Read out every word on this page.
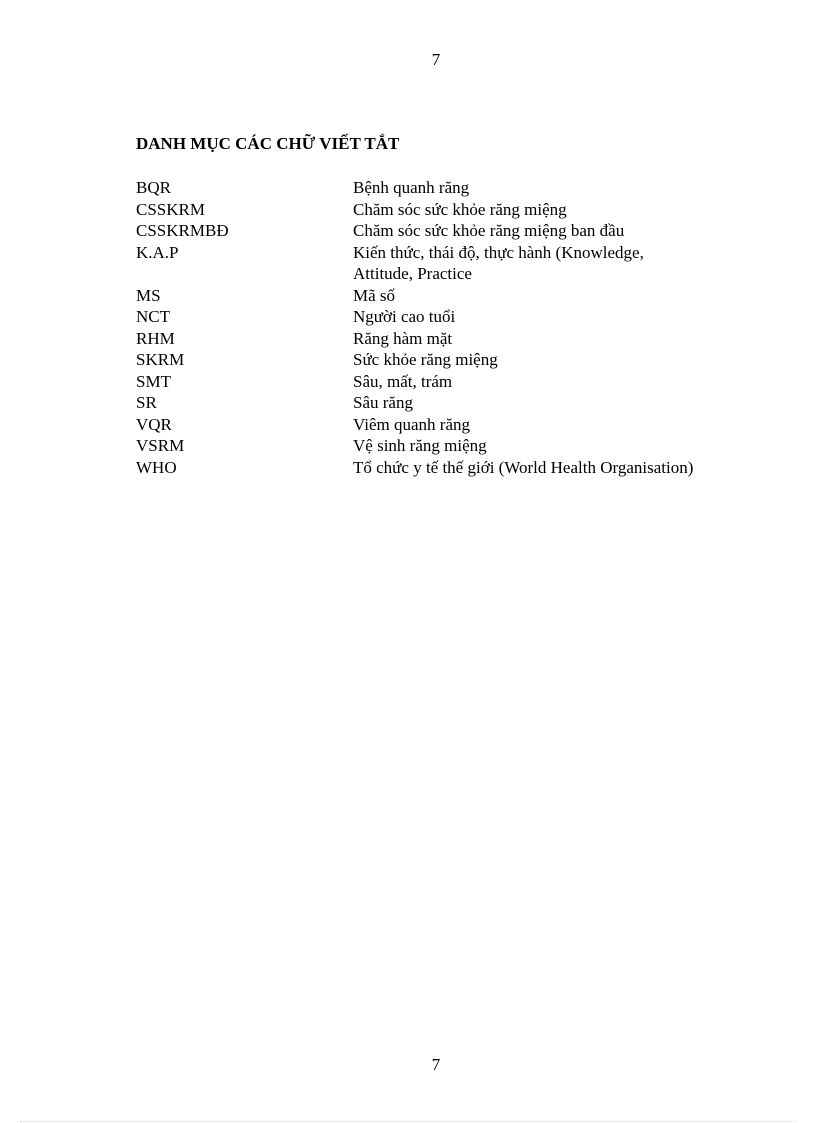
7
DANH MỤC CÁC CHỮ VIẾT TẮT
BQR	Bệnh quanh răng
CSSKRM	Chăm sóc sức khỏe răng miệng
CSSKRMBĐ	Chăm sóc sức khỏe răng miệng ban đầu
K.A.P	Kiến thức, thái độ, thực hành (Knowledge,
Attitude, Practice
MS	Mã số
NCT	Người cao tuổi
RHM	Răng hàm mặt
SKRM	Sức khỏe răng miệng
SMT	Sâu, mất, trám
SR	Sâu răng
VQR	Viêm quanh răng
VSRM	Vệ sinh răng miệng
WHO	Tổ chức y tế thế giới (World Health Organisation)
7
